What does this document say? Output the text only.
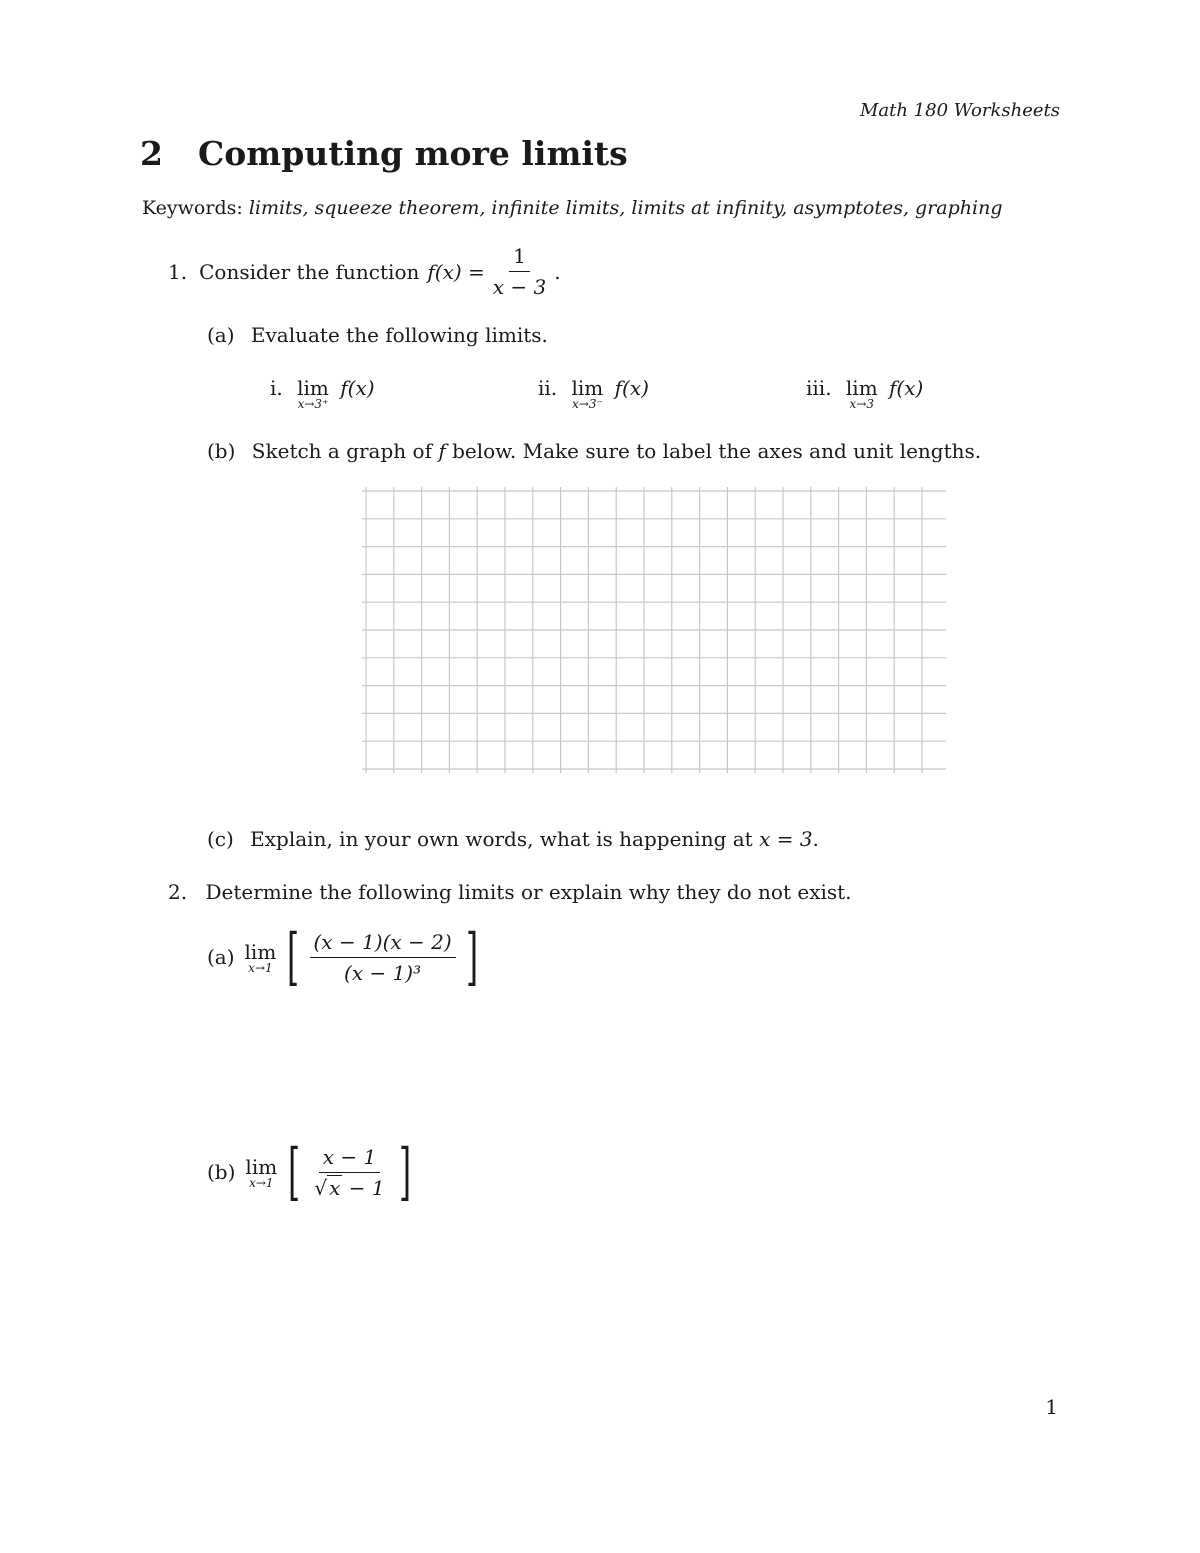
Math 180 Worksheets
2 Computing more limits
Keywords: limits, squeeze theorem, infinite limits, limits at infinity, asymptotes, graphing
1. Consider the function $f(x) = \frac{1}{x - 3}$ .
(a) Evaluate the following limits.
i. lim
x→3⁺
f(x)	ii. lim
x→3⁻
f(x)	iii. lim
x→3
f(x)
(b) Sketch a graph of f below. Make sure to label the axes and unit lengths.
(c) Explain, in your own words, what is happening at x = 3.
2. Determine the following limits or explain why they do not exist.
(a) lim
x→1 [ $\frac{(x - 1)(x - 2)}{\text{(x − 1)³}}$ ]
(b) lim
x→1 [ $\frac{x - 1}{√ x - 1}$ ]
1
